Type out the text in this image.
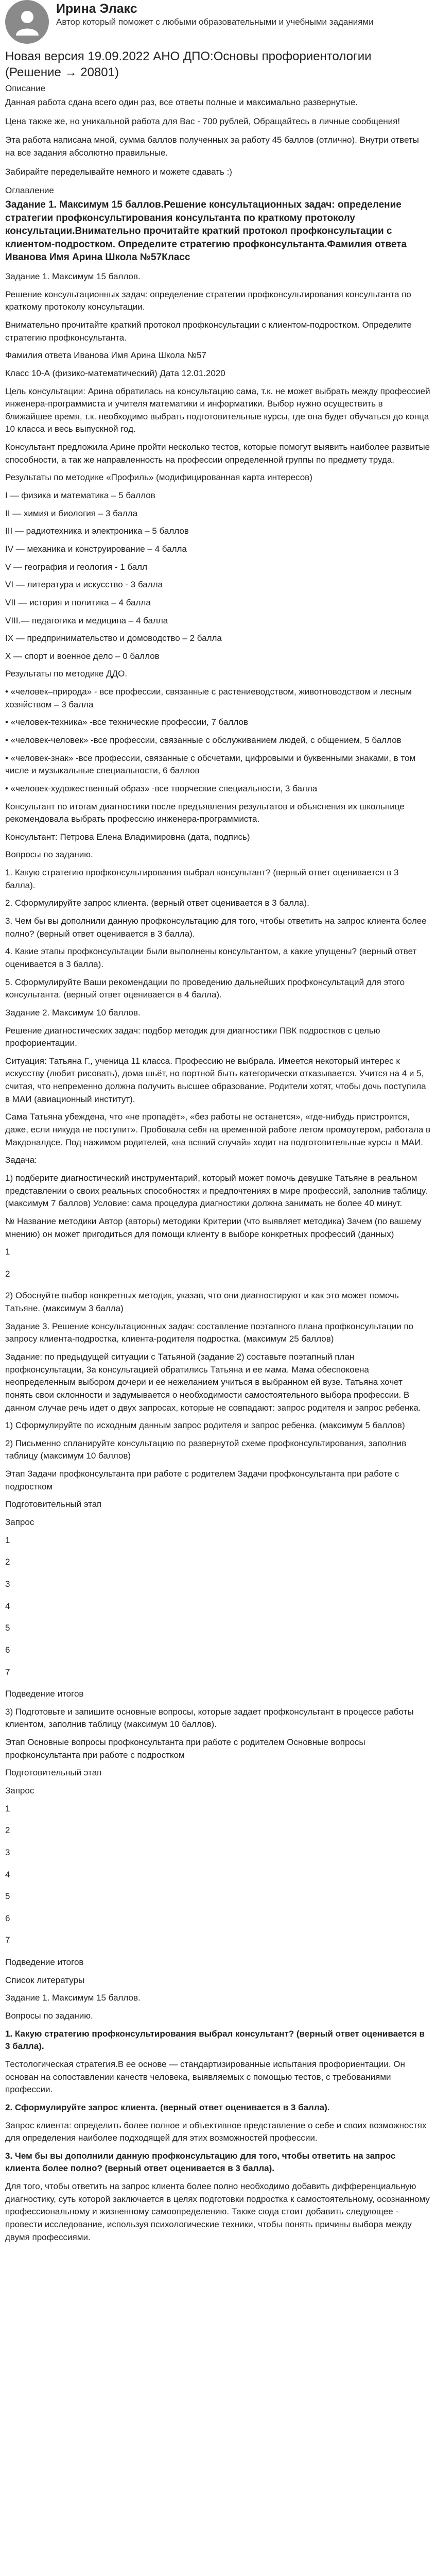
Ирина Элакс
Автор который поможет с любыми образовательными и учебными заданиями
Новая версия 19.09.2022 АНО ДПО:Основы профориентологии (Решение → 20801)
Описание

Данная работа сдана всего один раз, все ответы полные и максимально развернутые.

Цена также же, но уникальной работа для Вас - 700 рублей, Обращайтесь в личные сообщения!

Эта работа написана мной, сумма баллов полученных за работу 45 баллов (отлично). Внутри ответы на все задания абсолютно правильные.

Забирайте переделывайте немного и можете сдавать :)

Оглавление
Задание 1. Максимум 15 баллов.Решение консультационных задач: определение стратегии профконсультирования консультанта по краткому протоколу консультации.Внимательно прочитайте краткий протокол профконсультации с клиентом-подростком. Определите стратегию профконсультанта.Фамилия ответа Иванова Имя Арина Школа №57Класс

Задание 1. Максимум 15 баллов.

Решение консультационных задач: определение стратегии профконсультирования консультанта по краткому протоколу консультации.

Внимательно прочитайте краткий протокол профконсультации с клиентом-подростком. Определите стратегию профконсультанта.

Фамилия ответа Иванова Имя Арина Школа №57

Класс 10-А (физико-математический) Дата 12.01.2020

Цель консультации: Арина обратилась на консультацию сама, т.к. не может выбрать между профессией инженера-программиста и учителя математики и информатики. Выбор нужно осуществить в ближайшее время, т.к. необходимо выбрать подготовительные курсы, где она будет обучаться до конца 10 класса и весь выпускной год.

Консультант предложила Арине пройти несколько тестов, которые помогут выявить наиболее развитые способности, а так же направленность на профессии определенной группы по предмету труда.

Результаты по методике «Профиль» (модифицированная карта интересов)

I — физика и математика – 5 баллов

II — химия и биология – 3 балла

III — радиотехника и электроника – 5 баллов

IV — механика и конструирование – 4 балла

V — география и геология - 1 балл

VI — литература и искусство - 3 балла

VII — история и политика – 4 балла

VIII.— педагогика и медицина – 4 балла

IX — предпринимательство и домоводство – 2 балла

X — спорт и военное дело – 0 баллов

Результаты по методике ДДО.

• «человек–природа» - все профессии, связанные с растениеводством, животноводством и лесным хозяйством – 3 балла

• «человек-техника» -все технические профессии, 7 баллов

• «человек-человек» -все профессии, связанные с обслуживанием людей, с общением, 5 баллов

• «человек-знак» -все профессии, связанные с обсчетами, цифровыми и буквенными знаками, в том числе и музыкальные специальности, 6 баллов

• «человек-художественный образ» -все творческие специальности, 3 балла

Консультант по итогам диагностики после предъявления результатов и объяснения их школьнице рекомендовала выбрать профессию инженера-программиста.

Консультант: Петрова Елена Владимировна (дата, подпись)

Вопросы по заданию.

1. Какую стратегию профконсультирования выбрал консультант? (верный ответ оценивается в 3 балла).

2. Сформулируйте запрос клиента. (верный ответ оценивается в 3 балла).

3. Чем бы вы дополнили данную профконсультацию для того, чтобы ответить на запрос клиента более полно? (верный ответ оценивается в 3 балла).

4. Какие этапы профконсультации были выполнены консультантом, а какие упущены? (верный ответ оценивается в 3 балла).

5. Сформулируйте Ваши рекомендации по проведению дальнейших профконсультаций для этого консультанта. (верный ответ оценивается в 4 балла).

Задание 2. Максимум 10 баллов.

Решение диагностических задач: подбор методик для диагностики ПВК подростков с целью профориентации.

Ситуация: Татьяна Г., ученица 11 класса. Профессию не выбрала. Имеется некоторый интерес к искусству (любит рисовать), дома шьёт, но портной быть категорически отказывается. Учится на 4 и 5, считая, что непременно должна получить высшее образование. Родители хотят, чтобы дочь поступила в МАИ (авиационный институт).

Сама Татьяна убеждена, что «не пропадёт», «без работы не останется», «где-нибудь пристроится, даже, если никуда не поступит». Пробовала себя на временной работе летом промоутером, работала в Макдоналдсе. Под нажимом родителей, «на всякий случай» ходит на подготовительные курсы в МАИ.

Задача:

1) подберите диагностический инструментарий, который может помочь девушке Татьяне в реальном представлении о своих реальных способностях и предпочтениях в мире профессий, заполнив таблицу. (максимум 7 баллов) Условие: сама процедура диагностики должна занимать не более 40 минут.

№ Название методики Автор (авторы) методики Критерии (что выявляет методика) Зачем (по вашему мнению) он может пригодиться для помощи клиенту в выборе конкретных профессий (данных)

1

2

2) Обоснуйте выбор конкретных методик, указав, что они диагностируют и как это может помочь Татьяне. (максимум 3 балла)

Задание 3. Решение консультационных задач: составление поэтапного плана профконсультации по запросу клиента-подростка, клиента-родителя подростка. (максимум 25 баллов)

Задание: по предыдущей ситуации с Татьяной (задание 2) составьте поэтапный план профконсультации, 3а консультацией обратились Татьяна и ее мама. Мама обеспокоена неопределенным выбором дочери и ее нежеланием учиться в выбранном ей вузе. Татьяна хочет понять свои склонности и задумывается о необходимости самостоятельного выбора профессии. В данном случае речь идет о двух запросах, которые не совпадают: запрос родителя и запрос ребенка.

1) Сформулируйте по исходным данным запрос родителя и запрос ребенка. (максимум 5 баллов)

2) Письменно спланируйте консультацию по развернутой схеме профконсультирования, заполнив таблицу (максимум 10 баллов)

Этап Задачи профконсультанта при работе с родителем Задачи профконсультанта при работе с подростком

Подготовительный этап

Запрос

1

2

3

4

5

6

7

Подведение итогов

3) Подготовьте и запишите основные вопросы, которые задает профконсультант в процессе работы клиентом, заполнив таблицу (максимум 10 баллов).

Этап Основные вопросы профконсультанта при работе с родителем Основные вопросы профконсультанта при работе с подростком

Подготовительный этап

Запрос

1

2

3

4

5

6

7

Подведение итогов

Список литературы

Задание 1. Максимум 15 баллов.

Вопросы по заданию.

1. Какую стратегию профконсультирования выбрал консультант? (верный ответ оценивается в 3 балла).

Тестологическая стратегия.В ее основе — стандартизированные испытания профориентации. Он основан на сопоставлении качеств человека, выявляемых с помощью тестов, с требованиями профессии.

2. Сформулируйте запрос клиента. (верный ответ оценивается в 3 балла).

Запрос клиента: определить более полное и объективное представление о себе и своих возможностях для определения наиболее подходящей для этих возможностей профессии.

3. Чем бы вы дополнили данную профконсультацию для того, чтобы ответить на запрос клиента более полно? (верный ответ оценивается в 3 балла).

Для того, чтобы ответить на запрос клиента более полно необходимо добавить дифференциальную диагностику, суть которой заключается в целях подготовки подростка к самостоятельному, осознанному профессиональному и жизненному самоопределению. Также сюда стоит добавить следующее - провести исследование, используя психологические техники, чтобы понять причины выбора между двумя профессиями.
